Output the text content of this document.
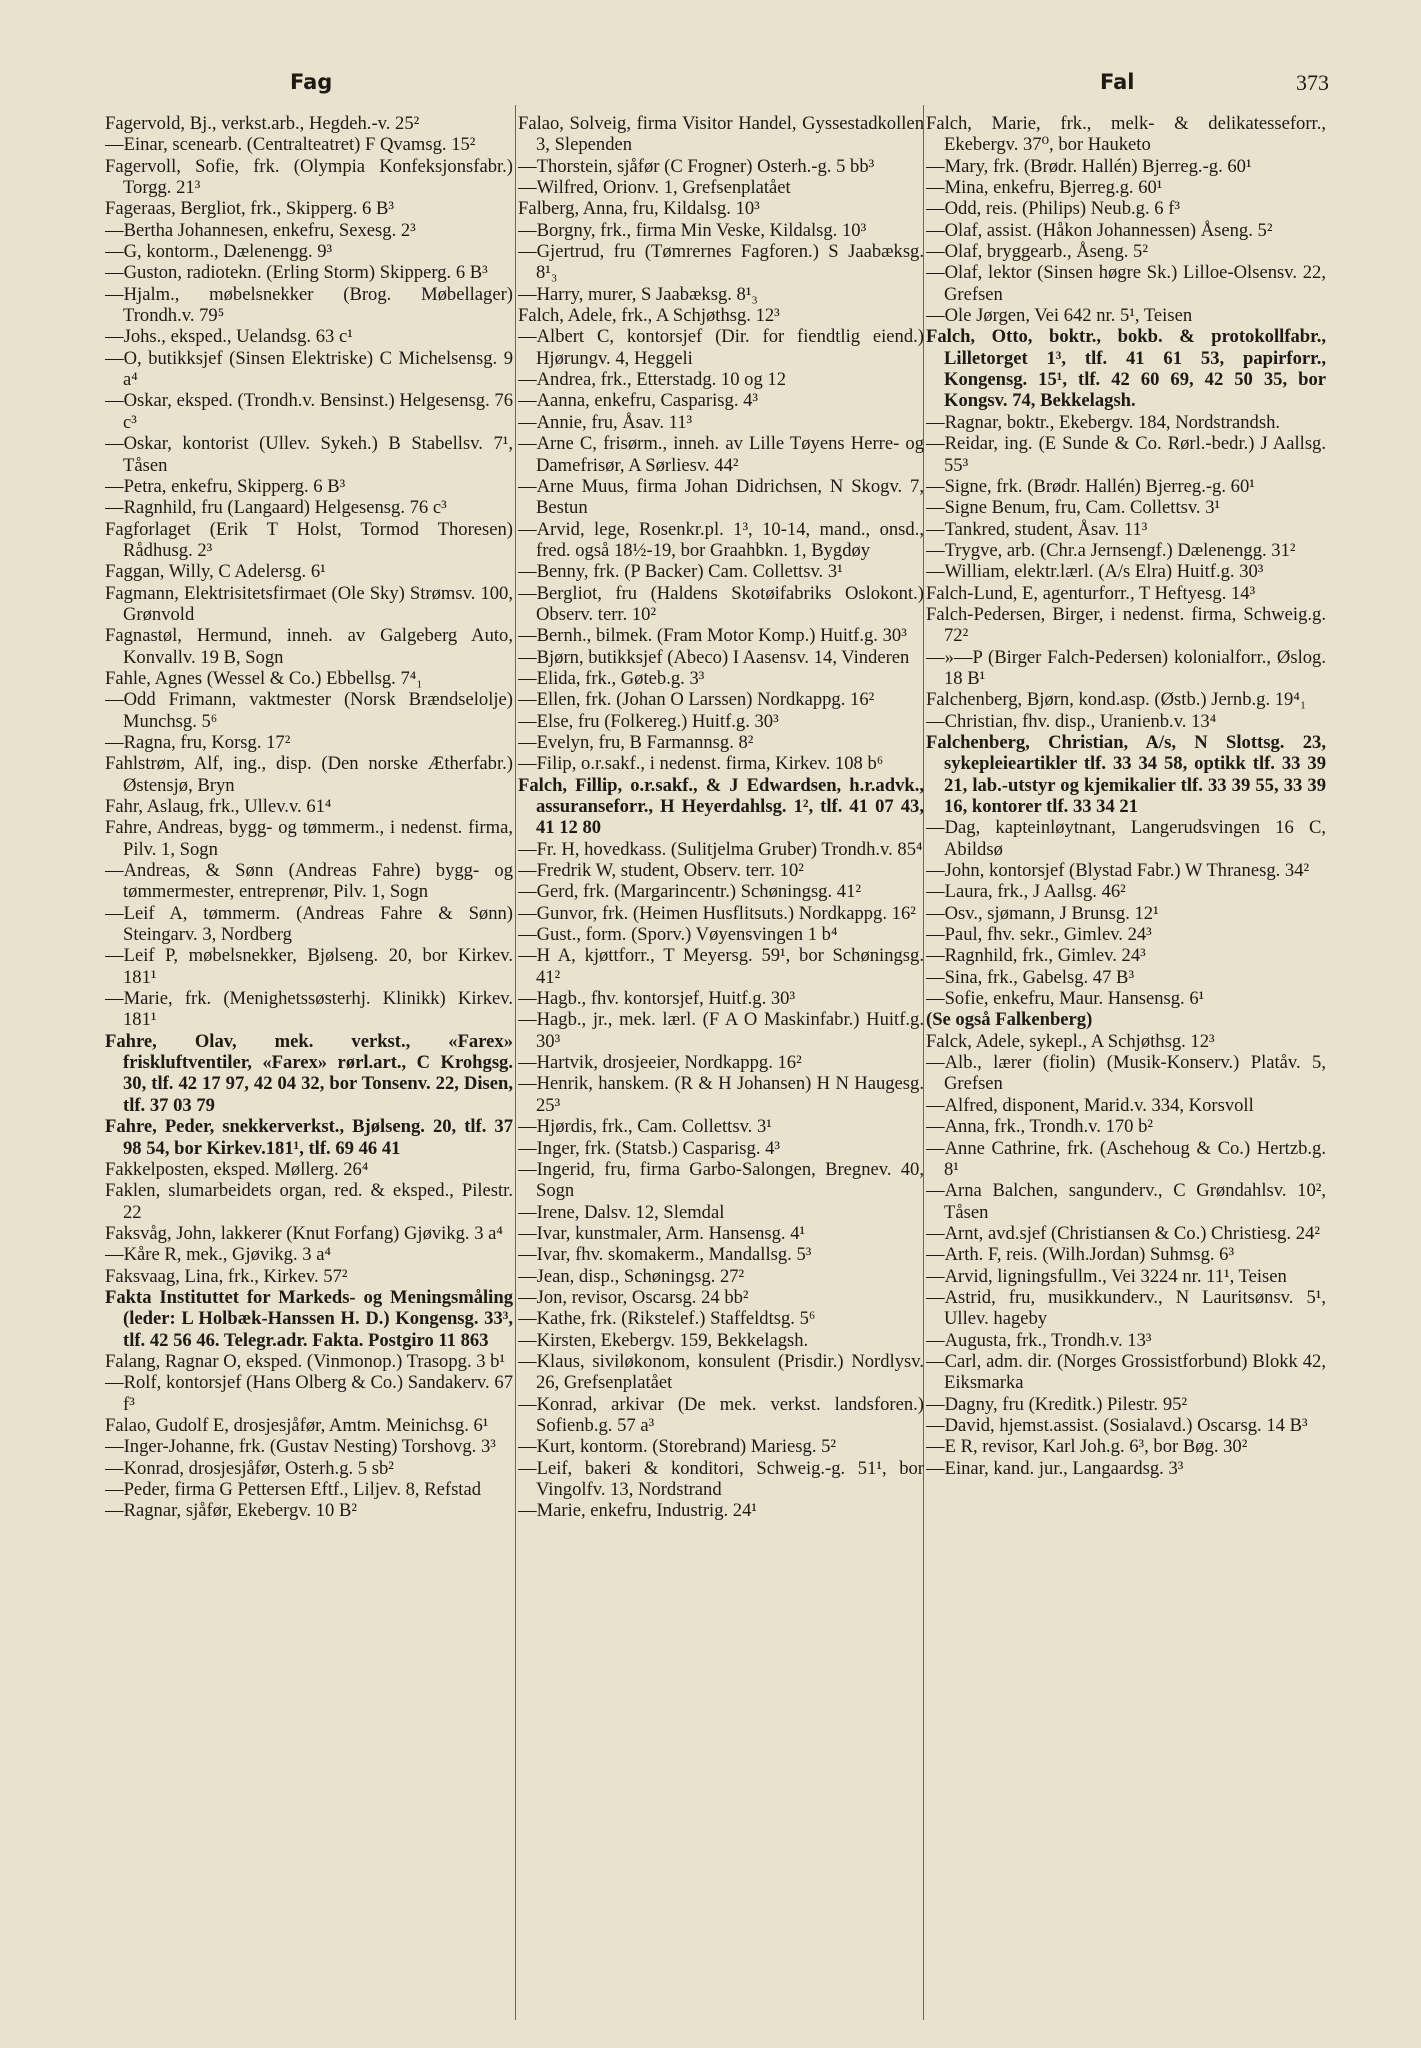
Fag	Fal	373
Fagervold, Bj., verkst.arb., Hegdeh.-v. 25²
—Einar, scenearb. (Centralteatret) F Qvamsg. 15²
Fagervoll, Sofie, frk. (Olympia Konfeksjonsfabr.) Torgg. 21³
Fageraas, Bergliot, frk., Skipperg. 6 B³
—Bertha Johannesen, enkefru, Sexesg. 2³
—G, kontorm., Dælenengg. 9³
—Guston, radiotekn. (Erling Storm) Skipperg. 6 B³
—Hjalm., møbelsnekker (Brog. Møbellager) Trondh.v. 79⁵
—Johs., eksped., Uelandsg. 63 c¹
—O, butikksjef (Sinsen Elektriske) C Michelsensg. 9 a⁴
—Oskar, eksped. (Trondh.v. Bensinst.) Helgesensg. 76 c³
—Oskar, kontorist (Ullev. Sykeh.) B Stabellsv. 7¹, Tåsen
—Petra, enkefru, Skipperg. 6 B³
—Ragnhild, fru (Langaard) Helgesensg. 76 c³
Fagforlaget (Erik T Holst, Tormod Thoresen) Rådhusg. 2³
Faggan, Willy, C Adelersg. 6¹
Fagmann, Elektrisitetsfirmaet (Ole Sky) Strømsv. 100, Grønvold
Fagnastøl, Hermund, inneh. av Galgeberg Auto, Konvallv. 19 B, Sogn
Fahle, Agnes (Wessel & Co.) Ebbellsg. 7⁴₁
—Odd Frimann, vaktmester (Norsk Brændselolje) Munchsg. 5⁶
—Ragna, fru, Korsg. 17²
Fahlstrøm, Alf, ing., disp. (Den norske Ætherfabr.) Østensjø, Bryn
Fahr, Aslaug, frk., Ullev.v. 61⁴
Fahre, Andreas, bygg- og tømmerm., i nedenst. firma, Pilv. 1, Sogn
—Andreas, & Sønn (Andreas Fahre) bygg- og tømmermester, entreprenør, Pilv. 1, Sogn
—Leif A, tømmerm. (Andreas Fahre & Sønn) Steingarv. 3, Nordberg
—Leif P, møbelsnekker, Bjølseng. 20, bor Kirkev. 181¹
—Marie, frk. (Menighetssøsterhj. Klinikk) Kirkev. 181¹
Fahre, Olav, mek. verkst., «Farex» friskluftventiler, «Farex» rørl.art., C Krohgsg. 30, tlf. 42 17 97, 42 04 32, bor Tonsenv. 22, Disen, tlf. 37 03 79
Fahre, Peder, snekkerverkst., Bjølseng. 20, tlf. 37 98 54, bor Kirkev.181¹, tlf. 69 46 41
Fakkelposten, eksped. Møllerg. 26⁴
Faklen, slumarbeidets organ, red. & eksped., Pilestr. 22
Faksvåg, John, lakkerer (Knut Forfang) Gjøvikg. 3 a⁴
—Kåre R, mek., Gjøvikg. 3 a⁴
Faksvaag, Lina, frk., Kirkev. 57²
Fakta Instituttet for Markeds- og Meningsmåling (leder: L Holbæk-Hanssen H. D.) Kongensg. 33³, tlf. 42 56 46. Telegr.adr. Fakta. Postgiro 11 863
Falang, Ragnar O, eksped. (Vinmonop.) Trasopg. 3 b¹
—Rolf, kontorsjef (Hans Olberg & Co.) Sandakerv. 67 f³
Falao, Gudolf E, drosjesjåfør, Amtm. Meinichsg. 6¹
—Inger-Johanne, frk. (Gustav Nesting) Torshovg. 3³
—Konrad, drosjesjåfør, Osterh.g. 5 sb²
—Peder, firma G Pettersen Eftf., Liljev. 8, Refstad
—Ragnar, sjåfør, Ekebergv. 10 B²
Falao, Solveig, firma Visitor Handel, Gyssestadkollen 3, Slependen
—Thorstein, sjåfør (C Frogner) Osterh.-g. 5 bb³
—Wilfred, Orionv. 1, Grefsenplatået
Falberg, Anna, fru, Kildalsg. 10³
—Borgny, frk., firma Min Veske, Kildalsg. 10³
—Gjertrud, fru (Tømrernes Fagforen.) S Jaabæksg. 8¹₃
—Harry, murer, S Jaabæksg. 8¹₃
Falch, Adele, frk., A Schjøthsg. 12³
—Albert C, kontorsjef (Dir. for fiendtlig eiend.) Hjørungv. 4, Heggeli
—Andrea, frk., Etterstadg. 10 og 12
—Aanna, enkefru, Casparisg. 4³
—Annie, fru, Åsav. 11³
—Arne C, frisørm., inneh. av Lille Tøyens Herre- og Damefrisør, A Sørliesv. 44²
—Arne Muus, firma Johan Didrichsen, N Skogv. 7, Bestun
—Arvid, lege, Rosenkr.pl. 1³, 10-14, mand., onsd., fred. også 18½-19, bor Graahbkn. 1, Bygdøy
—Benny, frk. (P Backer) Cam. Collettsv. 3¹
—Bergliot, fru (Haldens Skotøifabriks Oslokont.) Observ. terr. 10²
—Bernh., bilmek. (Fram Motor Komp.) Huitf.g. 30³
—Bjørn, butikksjef (Abeco) I Aasensv. 14, Vinderen
—Elida, frk., Gøteb.g. 3³
—Ellen, frk. (Johan O Larssen) Nordkappg. 16²
—Else, fru (Folkereg.) Huitf.g. 30³
—Evelyn, fru, B Farmannsg. 8²
—Filip, o.r.sakf., i nedenst. firma, Kirkev. 108 b⁶
Falch, Fillip, o.r.sakf., & J Edwardsen, h.r.advk., assuranseforr., H Heyerdahlsg. 1², tlf. 41 07 43, 41 12 80
—Fr. H, hovedkass. (Sulitjelma Gruber) Trondh.v. 85⁴
—Fredrik W, student, Observ. terr. 10²
—Gerd, frk. (Margarincentr.) Schøningsg. 41²
—Gunvor, frk. (Heimen Husflitsuts.) Nordkappg. 16²
—Gust., form. (Sporv.) Vøyensvingen 1 b⁴
—H A, kjøttforr., T Meyersg. 59¹, bor Schøningsg. 41²
—Hagb., fhv. kontorsjef, Huitf.g. 30³
—Hagb., jr., mek. lærl. (F A O Maskinfabr.) Huitf.g. 30³
—Hartvik, drosjeeier, Nordkappg. 16²
—Henrik, hanskem. (R & H Johansen) H N Haugesg. 25³
—Hjørdis, frk., Cam. Collettsv. 3¹
—Inger, frk. (Statsb.) Casparisg. 4³
—Ingerid, fru, firma Garbo-Salongen, Bregnev. 40, Sogn
—Irene, Dalsv. 12, Slemdal
—Ivar, kunstmaler, Arm. Hansensg. 4¹
—Ivar, fhv. skomakerm., Mandallsg. 5³
—Jean, disp., Schøningsg. 27²
—Jon, revisor, Oscarsg. 24 bb²
—Kathe, frk. (Rikstelef.) Staffeldtsg. 5⁶
—Kirsten, Ekebergv. 159, Bekkelagsh.
—Klaus, siviløkonom, konsulent (Prisdir.) Nordlysv. 26, Grefsenplatået
—Konrad, arkivar (De mek. verkst. landsforen.) Sofienb.g. 57 a³
—Kurt, kontorm. (Storebrand) Mariesg. 5²
—Leif, bakeri & konditori, Schweig.-g. 51¹, bor Vingolfv. 13, Nordstrand
—Marie, enkefru, Industrig. 24¹
Falch, Marie, frk., melk- & delikatesseforr., Ekebergv. 37⁰, bor Hauketo
—Mary, frk. (Brødr. Hallén) Bjerreg.-g. 60¹
—Mina, enkefru, Bjerreg.g. 60¹
—Odd, reis. (Philips) Neub.g. 6 f³
—Olaf, assist. (Håkon Johannessen) Åseng. 5²
—Olaf, bryggearb., Åseng. 5²
—Olaf, lektor (Sinsen høgre Sk.) Lilloe-Olsensv. 22, Grefsen
—Ole Jørgen, Vei 642 nr. 5¹, Teisen
Falch, Otto, boktr., bokb. & protokollfabr., Lilletorget 1³, tlf. 41 61 53, papirforr., Kongensg. 15¹, tlf. 42 60 69, 42 50 35, bor Kongsv. 74, Bekkelagsh.
—Ragnar, boktr., Ekebergv. 184, Nordstrandsh.
—Reidar, ing. (E Sunde & Co. Rørl.-bedr.) J Aallsg. 55³
—Signe, frk. (Brødr. Hallén) Bjerreg.-g. 60¹
—Signe Benum, fru, Cam. Collettsv. 3¹
—Tankred, student, Åsav. 11³
—Trygve, arb. (Chr.a Jernsengf.) Dælenengg. 31²
—William, elektr.lærl. (A/s Elra) Huitf.g. 30³
Falch-Lund, E, agenturforr., T Heftyesg. 14³
Falch-Pedersen, Birger, i nedenst. firma, Schweig.g. 72²
—»—P (Birger Falch-Pedersen) kolonialforr., Øslog. 18 B¹
Falchenberg, Bjørn, kond.asp. (Østb.) Jernb.g. 19⁴₁
—Christian, fhv. disp., Uranienb.v. 13⁴
Falchenberg, Christian, A/s, N Slottsg. 23, sykepleieartikler tlf. 33 34 58, optikk tlf. 33 39 21, lab.-utstyr og kjemikalier tlf. 33 39 55, 33 39 16, kontorer tlf. 33 34 21
—Dag, kapteinløytnant, Langerudsvingen 16 C, Abildsø
—John, kontorsjef (Blystad Fabr.) W Thranesg. 34²
—Laura, frk., J Aallsg. 46²
—Osv., sjømann, J Brunsg. 12¹
—Paul, fhv. sekr., Gimlev. 24³
—Ragnhild, frk., Gimlev. 24³
—Sina, frk., Gabelsg. 47 B³
—Sofie, enkefru, Maur. Hansensg. 6¹
(Se også Falkenberg)
Falck, Adele, sykepl., A Schjøthsg. 12³
—Alb., lærer (fiolin) (Musik-Konserv.) Platåv. 5, Grefsen
—Alfred, disponent, Marid.v. 334, Korsvoll
—Anna, frk., Trondh.v. 170 b²
—Anne Cathrine, frk. (Aschehoug & Co.) Hertzb.g. 8¹
—Arna Balchen, sangunderv., C Grøndahlsv. 10², Tåsen
—Arnt, avd.sjef (Christiansen & Co.) Christiesg. 24²
—Arth. F, reis. (Wilh.Jordan) Suhmsg. 6³
—Arvid, ligningsfullm., Vei 3224 nr. 11¹, Teisen
—Astrid, fru, musikkunderv., N Lauritsønsv. 5¹, Ullev. hageby
—Augusta, frk., Trondh.v. 13³
—Carl, adm. dir. (Norges Grossistforbund) Blokk 42, Eiksmarka
—Dagny, fru (Kreditk.) Pilestr. 95²
—David, hjemst.assist. (Sosialavd.) Oscarsg. 14 B³
—E R, revisor, Karl Joh.g. 6³, bor Bøg. 30²
—Einar, kand. jur., Langaardsg. 3³
